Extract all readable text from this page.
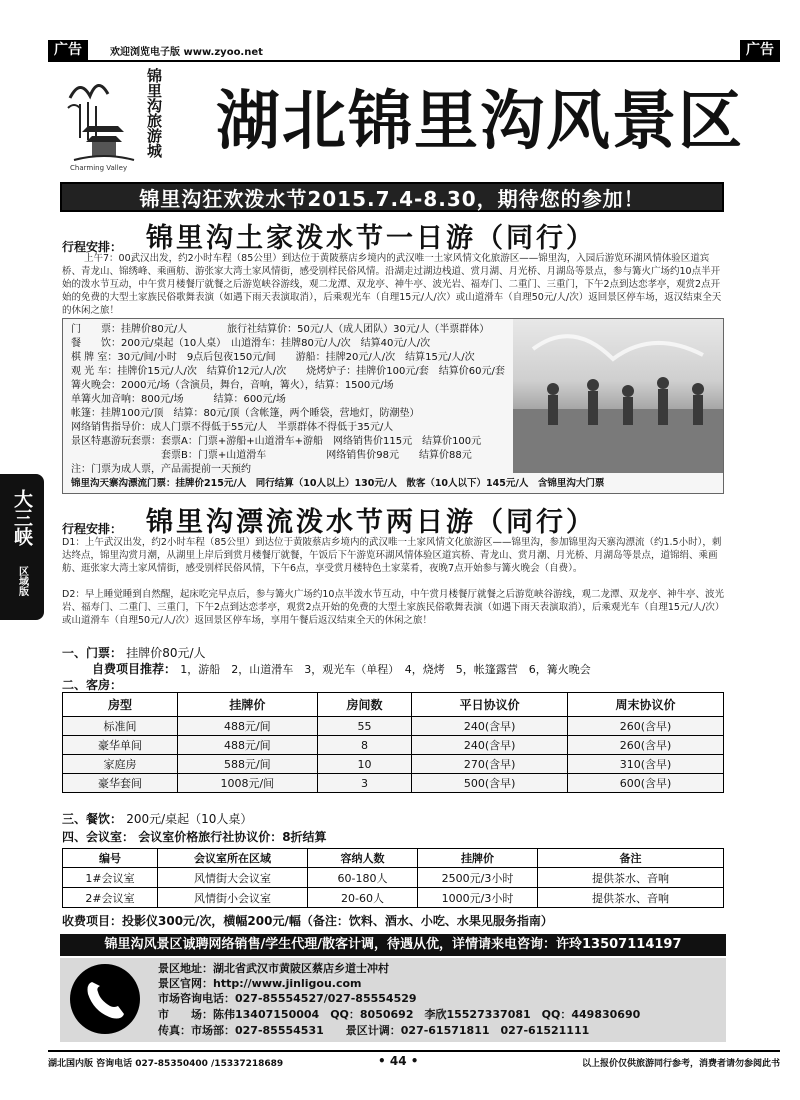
广告	欢迎浏览电子版 www.zyoo.net	广告
大三峡
区域版
锦里沟旅游城
Charming Valley
湖北锦里沟风景区
锦里沟狂欢泼水节2015.7.4-8.30，期待您的参加！
行程安排： 锦里沟土家泼水节一日游（同行）
上午7：00武汉出发，约2小时车程（85公里）到达位于黄陂蔡店乡境内的武汉唯一土家风情文化旅游区——锦里沟，入园后游览环湖风情体验区道宾桥、青龙山、锦绣峰、乘画舫、游张家大湾土家风情街，感受别样民俗风情。沿湖走过湖边栈道、赏月湖、月光桥、月湖岛等景点，参与篝火广场约10点半开始的泼水节互动，中午赏月楼餐厅就餐之后游览峡谷游线，观二龙潭、双龙亭、神牛亭、波光岩、福寿门、二重门、三重门，下午2点到达恋孝亭，观赏2点开始的免费的大型土家族民俗歌舞表演（如遇下雨天表演取消），后乘观光车（自理15元/人/次）或山道滑车（自理50元/人/次）返回景区停车场，返汉结束全天的休闲之旅！
门　　票：挂牌价80元/人　　　　旅行社结算价：50元/人（成人团队）30元/人（半票群体）
餐　　饮：200元/桌起（10人桌）　山道滑车：挂牌80元/人/次　结算40元/人/次
棋 牌 室：30元/间/小时　9点后包夜150元/间　　游船：挂牌20元/人/次　结算15元/人/次
观 光 车：挂牌价15元/人/次　结算价12元/人/次　　烧烤炉子：挂牌价100元/套　结算价60元/套
篝火晚会：2000元/场（含演员，舞台，音响，篝火），结算：1500元/场
单篝火加音响：800元/场　　　结算：600元/场
帐篷：挂牌100元/顶　结算：80元/顶（含帐篷，两个睡袋，营地灯，防潮垫）
网络销售指导价：成人门票不得低于55元/人　半票群体不得低于35元/人
景区特惠游玩套票：套票A：门票+游船+山道滑车+游船　网络销售价115元　结算价100元
　　　　　　　　　套票B：门票+山道滑车　　　　　　网络销售价98元　　结算价88元
注：门票为成人票，产品需提前一天预约
锦里沟天寨沟漂流门票：挂牌价215元/人　同行结算（10人以上）130元/人　散客（10人以下）145元/人　含锦里沟大门票
行程安排： 锦里沟漂流泼水节两日游（同行）
D1：上午武汉出发，约2小时车程（85公里）到达位于黄陂蔡店乡境内的武汉唯一土家风情文化旅游区——锦里沟，参加锦里沟天寨沟漂流（约1.5小时），刺达终点，锦里沟赏月潮，从湖里上岸后到赏月楼餐厅就餐，午饭后下午游览环湖风情体验区道宾桥、青龙山、赏月潮、月光桥、月湖岛等景点，道锦绢、乘画舫、逛张家大湾土家风情街，感受别样民俗风情，下午6点，享受赏月楼特色土家菜肴，夜晚7点开始参与篝火晚会（自费）。
D2：早上睡觉睡到自然醒，起床吃完早点后，参与篝火广场约10点半泼水节互动，中午赏月楼餐厅就餐之后游览峡谷游线，观二龙潭、双龙亭、神牛亭、波光岩、福寿门、二重门、三重门，下午2点到达恋孝亭，观赏2点开始的免费的大型土家族民俗歌舞表演（如遇下雨天表演取消），后乘观光车（自理15元/人/次）或山道滑车（自理50元/人/次）返回景区停车场，享用午餐后返汉结束全天的休闲之旅！
一、门票： 挂牌价80元/人
自费项目推荐： 1，游船　2，山道滑车　3，观光车（单程）　4，烧烤　5，帐篷露营　6，篝火晚会
二、客房：
房型	挂牌价	房间数	平日协议价	周末协议价
标准间	488元/间	55	240(含早)	260(含早)
豪华单间	488元/间	8	240(含早)	260(含早)
家庭房	588元/间	10	270(含早)	310(含早)
豪华套间	1008元/间	3	500(含早)	600(含早)
三、餐饮： 200元/桌起（10人桌）
四、会议室： 会议室价格旅行社协议价：8折结算
编号	会议室所在区域	容纳人数	挂牌价	备注
1#会议室	风情街大会议室	60-180人	2500元/3小时	提供茶水、音响
2#会议室	风情街小会议室	20-60人	1000元/3小时	提供茶水、音响
收费项目：投影仪300元/次，横幅200元/幅（备注：饮料、酒水、小吃、水果见服务指南）
锦里沟风景区诚聘网络销售/学生代理/散客计调，待遇从优，详情请来电咨询：许玲13507114197
景区地址：湖北省武汉市黄陂区蔡店乡道士冲村
景区官网：http://www.jinligou.com
市场咨询电话：027-85554527/027-85554529
市　　场：陈伟13407150004　QQ：8050692　李欣15527337081　QQ：449830690
传真：市场部：027-85554531　　景区计调：027-61571811　027-61521111
湖北国内版 咨询电话 027-85350400 /15337218689	• 44 •	以上报价仅供旅游同行参考，消费者请勿参阅此书
